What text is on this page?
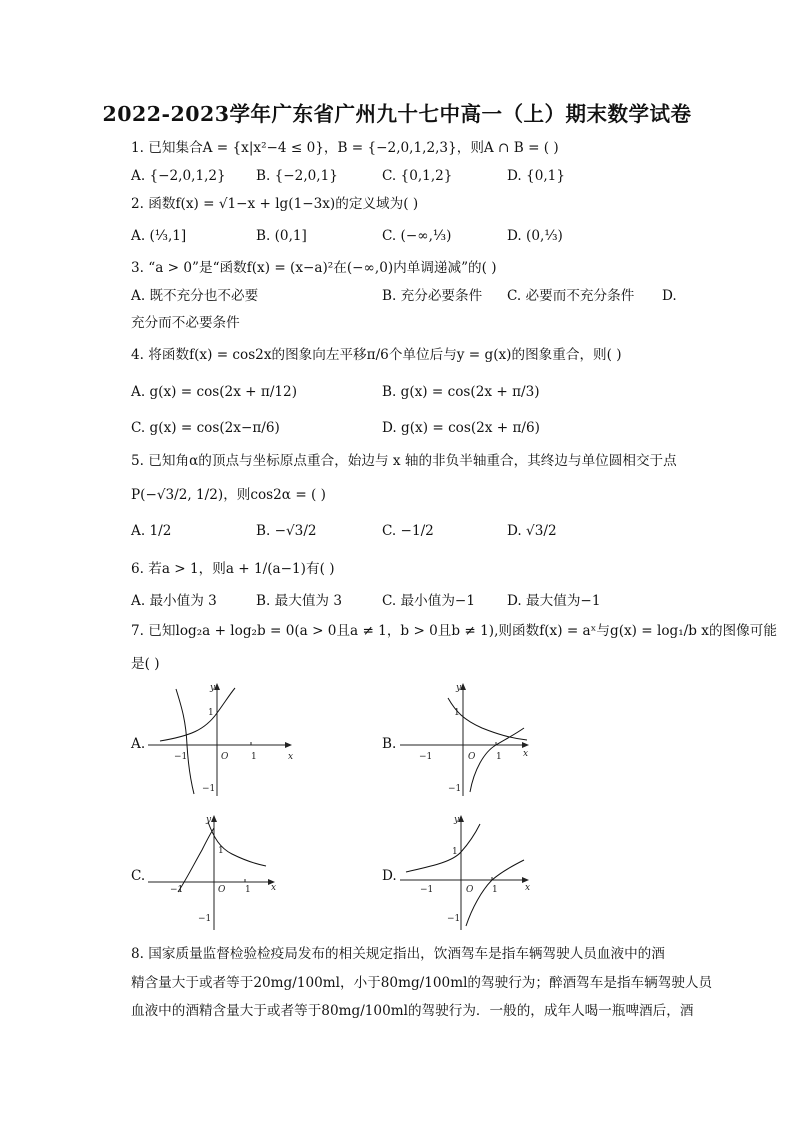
2022-2023学年广东省广州九十七中高一（上）期末数学试卷
1. 已知集合A = {x|x²−4 ≤ 0}，B = {−2,0,1,2,3}，则A ∩ B = ( )
A. {−2,0,1,2} B. {−2,0,1}	C. {0,1,2}	D. {0,1}
2. 函数f(x) = √1−x + lg(1−3x)的定义域为( )
A. (⅓,1]	B. (0,1]	C. (−∞,⅓)	D. (0,⅓)
3. “a > 0”是“函数f(x) = (x−a)²在(−∞,0)内单调递减”的( )
A. 既不充分也不必要	B. 充分必要条件 C. 必要而不充分条件 D.
充分而不必要条件
4. 将函数f(x) = cos2x的图象向左平移π/6个单位后与y = g(x)的图象重合，则( )
A. g(x) = cos(2x + π/12)	B. g(x) = cos(2x + π/3)
C. g(x) = cos(2x−π/6)	D. g(x) = cos(2x + π/6)
5. 已知角α的顶点与坐标原点重合，始边与 x 轴的非负半轴重合，其终边与单位圆相交于点
P(−√3/2, 1/2)，则cos2α = ( )
A. 1/2	B. −√3/2	C. −1/2	D. √3/2
6. 若a > 1，则a + 1/(a−1)有( )
A. 最小值为 3	B. 最大值为 3	C. 最小值为−1 D. 最大值为−1
7. 已知log₂a + log₂b = 0(a > 0且a ≠ 1，b > 0且b ≠ 1),则函数f(x) = aˣ与g(x) = log₁/b x的图像可能
是( )
A.
x
y
O	1
−1
1
−1
B.
x
y
O 1
−1
1
−1
C.
x
y
O 1
−1
1
−1
D.
x
y
O 1
−1
1
−1
8. 国家质量监督检验检疫局发布的相关规定指出，饮酒驾车是指车辆驾驶人员血液中的酒
精含量大于或者等于20mg/100ml，小于80mg/100ml的驾驶行为；醉酒驾车是指车辆驾驶人员
血液中的酒精含量大于或者等于80mg/100ml的驾驶行为．一般的，成年人喝一瓶啤酒后，酒
